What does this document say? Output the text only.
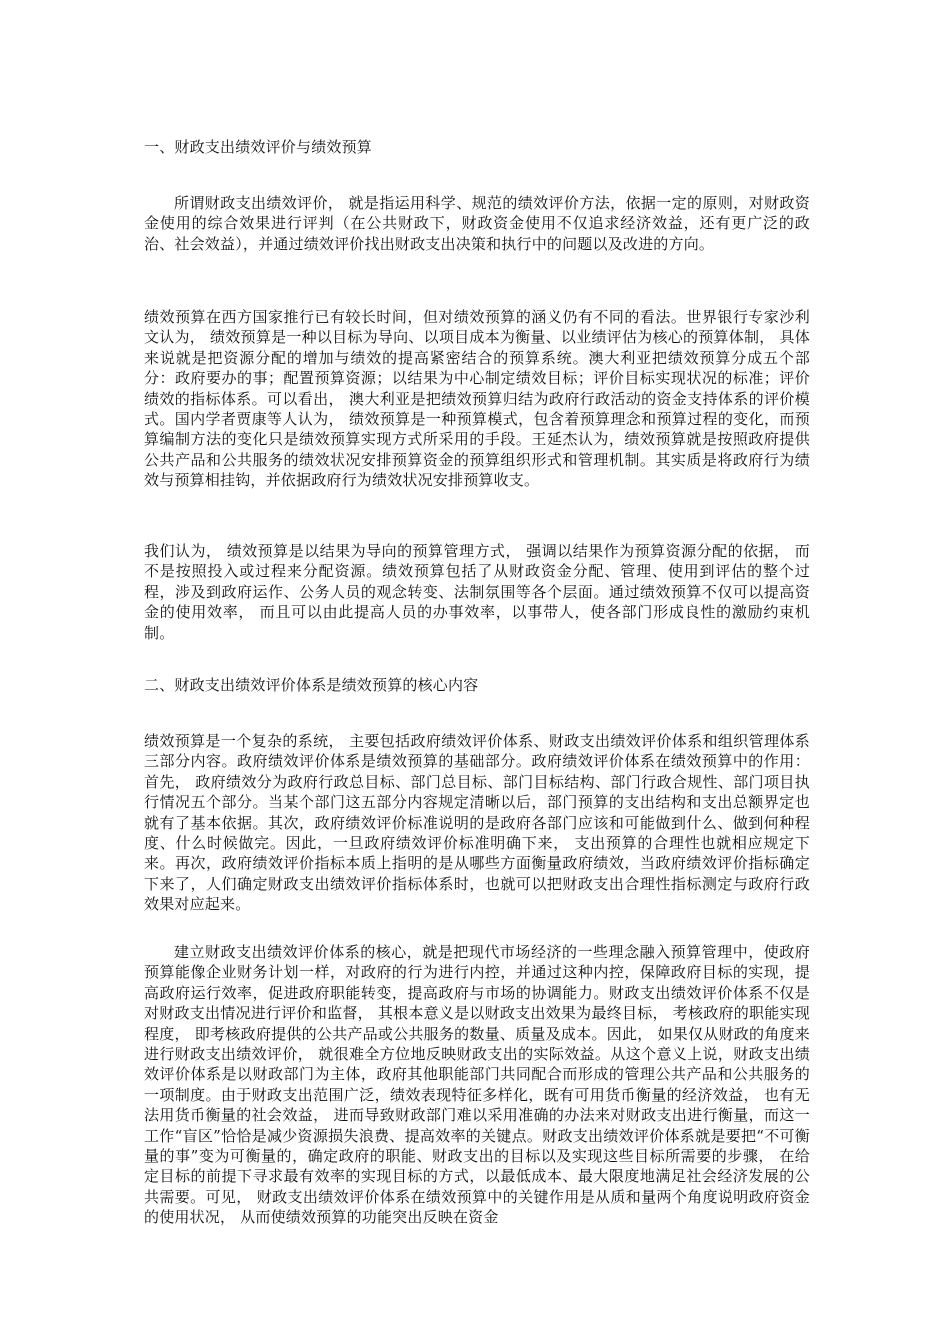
一、财政支出绩效评价与绩效预算

所谓财政支出绩效评价， 就是指运用科学、规范的绩效评价方法，依据一定的原则，对财政资金使用的综合效果进行评判（在公共财政下，财政资金使用不仅追求经济效益，还有更广泛的政治、社会效益），并通过绩效评价找出财政支出决策和执行中的问题以及改进的方向。

绩效预算在西方国家推行已有较长时间，但对绩效预算的涵义仍有不同的看法。世界银行专家沙利文认为， 绩效预算是一种以目标为导向、以项目成本为衡量、以业绩评估为核心的预算体制， 具体来说就是把资源分配的增加与绩效的提高紧密结合的预算系统。澳大利亚把绩效预算分成五个部分：政府要办的事；配置预算资源；以结果为中心制定绩效目标；评价目标实现状况的标准；评价绩效的指标体系。可以看出， 澳大利亚是把绩效预算归结为政府行政活动的资金支持体系的评价模式。国内学者贾康等人认为， 绩效预算是一种预算模式，包含着预算理念和预算过程的变化，而预算编制方法的变化只是绩效预算实现方式所采用的手段。王延杰认为，绩效预算就是按照政府提供公共产品和公共服务的绩效状况安排预算资金的预算组织形式和管理机制。其实质是将政府行为绩效与预算相挂钩，并依据政府行为绩效状况安排预算收支。

我们认为， 绩效预算是以结果为导向的预算管理方式， 强调以结果作为预算资源分配的依据， 而不是按照投入或过程来分配资源。绩效预算包括了从财政资金分配、管理、使用到评估的整个过程，涉及到政府运作、公务人员的观念转变、法制氛围等各个层面。通过绩效预算不仅可以提高资金的使用效率， 而且可以由此提高人员的办事效率，以事带人，使各部门形成良性的激励约束机制。

二、财政支出绩效评价体系是绩效预算的核心内容

绩效预算是一个复杂的系统， 主要包括政府绩效评价体系、财政支出绩效评价体系和组织管理体系三部分内容。政府绩效评价体系是绩效预算的基础部分。政府绩效评价体系在绩效预算中的作用： 首先， 政府绩效分为政府行政总目标、部门总目标、部门目标结构、部门行政合规性、部门项目执行情况五个部分。当某个部门这五部分内容规定清晰以后，部门预算的支出结构和支出总额界定也就有了基本依据。其次，政府绩效评价标准说明的是政府各部门应该和可能做到什么、做到何种程度、什么时候做完。因此，一旦政府绩效评价标准明确下来， 支出预算的合理性也就相应规定下来。再次，政府绩效评价指标本质上指明的是从哪些方面衡量政府绩效，当政府绩效评价指标确定下来了，人们确定财政支出绩效评价指标体系时，也就可以把财政支出合理性指标测定与政府行政效果对应起来。

建立财政支出绩效评价体系的核心，就是把现代市场经济的一些理念融入预算管理中，使政府预算能像企业财务计划一样，对政府的行为进行内控，并通过这种内控，保障政府目标的实现，提高政府运行效率，促进政府职能转变，提高政府与市场的协调能力。财政支出绩效评价体系不仅是对财政支出情况进行评价和监督， 其根本意义是以财政支出效果为最终目标， 考核政府的职能实现程度， 即考核政府提供的公共产品或公共服务的数量、质量及成本。因此， 如果仅从财政的角度来进行财政支出绩效评价， 就很难全方位地反映财政支出的实际效益。从这个意义上说，财政支出绩效评价体系是以财政部门为主体，政府其他职能部门共同配合而形成的管理公共产品和公共服务的一项制度。由于财政支出范围广泛，绩效表现特征多样化，既有可用货币衡量的经济效益， 也有无法用货币衡量的社会效益， 进而导致财政部门难以采用准确的办法来对财政支出进行衡量，而这一工作“盲区”恰恰是减少资源损失浪费、提高效率的关键点。财政支出绩效评价体系就是要把“不可衡量的事”变为可衡量的，确定政府的职能、财政支出的目标以及实现这些目标所需要的步骤， 在给定目标的前提下寻求最有效率的实现目标的方式，以最低成本、最大限度地满足社会经济发展的公共需要。可见， 财政支出绩效评价体系在绩效预算中的关键作用是从质和量两个角度说明政府资金的使用状况， 从而使绩效预算的功能突出反映在资金
